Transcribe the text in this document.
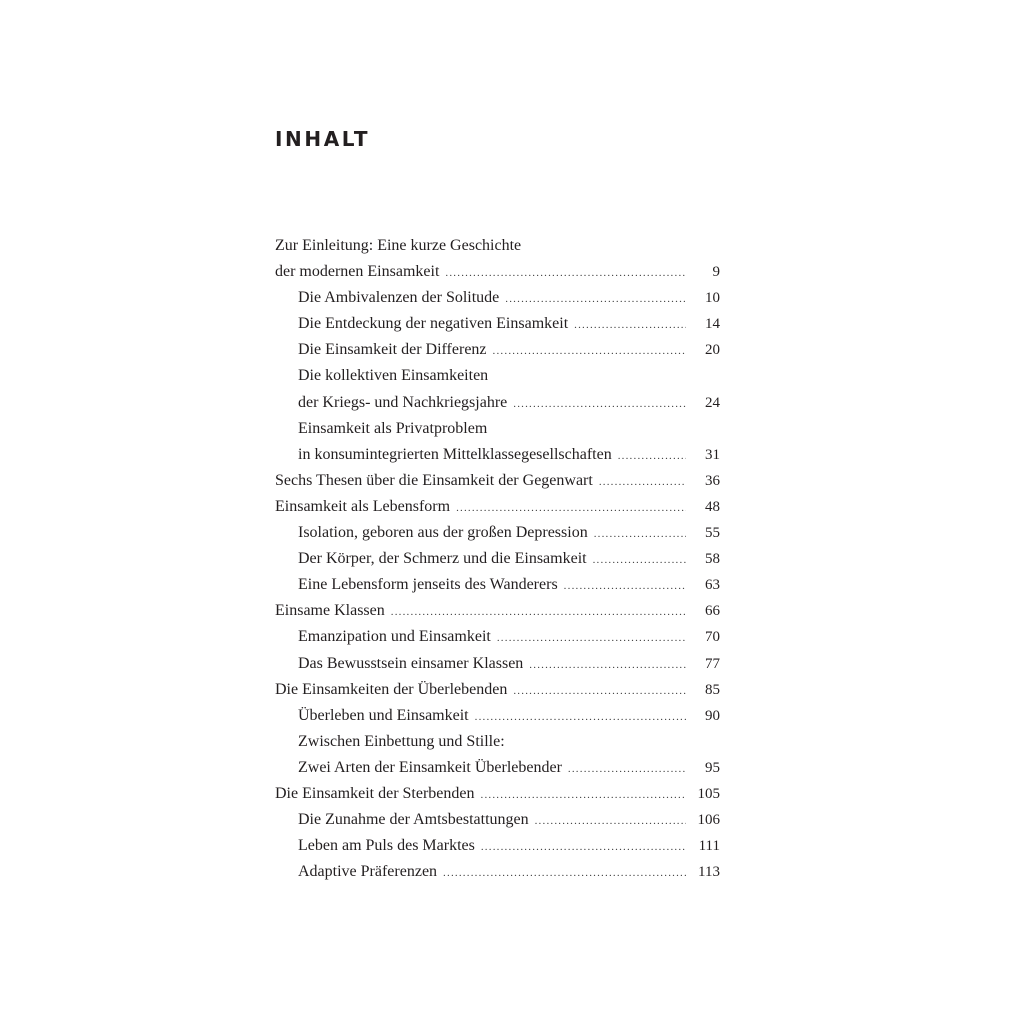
INHALT
Zur Einleitung: Eine kurze Geschichte
der modernen Einsamkeit .....	9
Die Ambivalenzen der Solitude .....	10
Die Entdeckung der negativen Einsamkeit .....	14
Die Einsamkeit der Differenz .....	20
Die kollektiven Einsamkeiten
der Kriegs- und Nachkriegsjahre .....	24
Einsamkeit als Privatproblem
in konsumintegrierten Mittelklassegesellschaften .....	31
Sechs Thesen über die Einsamkeit der Gegenwart .....	36
Einsamkeit als Lebensform .....	48
Isolation, geboren aus der großen Depression .....	55
Der Körper, der Schmerz und die Einsamkeit .....	58
Eine Lebensform jenseits des Wanderers .....	63
Einsame Klassen .....	66
Emanzipation und Einsamkeit .....	70
Das Bewusstsein einsamer Klassen .....	77
Die Einsamkeiten der Überlebenden .....	85
Überleben und Einsamkeit .....	90
Zwischen Einbettung und Stille:
Zwei Arten der Einsamkeit Überlebender .....	95
Die Einsamkeit der Sterbenden .....	105
Die Zunahme der Amtsbestattungen .....	106
Leben am Puls des Marktes .....	111
Adaptive Präferenzen .....	113
